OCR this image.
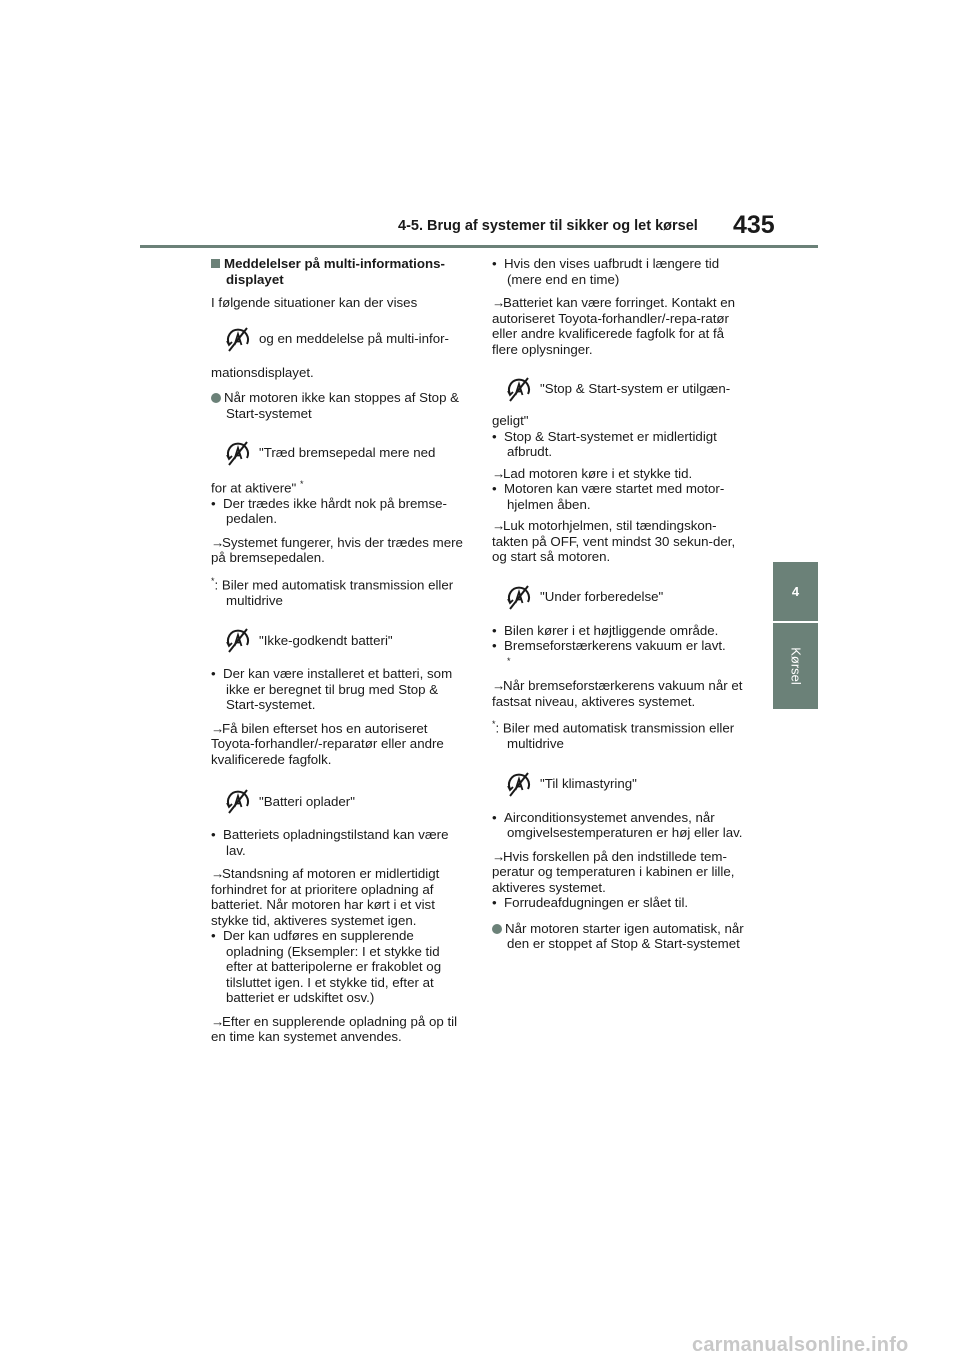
4-5. Brug af systemer til sikker og let kørsel 435
4
Kørsel

Meddelelser på multi-informations-displayet

I følgende situationer kan der vises

og en meddelelse på multi-infor-

mationsdisplayet.

Når motoren ikke kan stoppes af Stop & Start-systemet

"Træd bremsepedal mere ned

for at aktivere" *

•  Der trædes ikke hårdt nok på bremse-pedalen.

→Systemet fungerer, hvis der trædes mere på bremsepedalen.

*: Biler med automatisk transmission eller multidrive

"Ikke-godkendt batteri"

•  Der kan være installeret et batteri, som ikke er beregnet til brug med Stop & Start-systemet.

→Få bilen efterset hos en autoriseret Toyota-forhandler/-reparatør eller andre kvalificerede fagfolk.

"Batteri oplader"

•  Batteriets opladningstilstand kan være lav.

→Standsning af motoren er midlertidigt forhindret for at prioritere opladning af batteriet. Når motoren har kørt i et vist stykke tid, aktiveres systemet igen.

•  Der kan udføres en supplerende opladning (Eksempler: I et stykke tid efter at batteripolerne er frakoblet og tilsluttet igen. I et stykke tid, efter at batteriet er udskiftet osv.)

→Efter en supplerende opladning på op til en time kan systemet anvendes.

•  Hvis den vises uafbrudt i længere tid (mere end en time)

→Batteriet kan være forringet. Kontakt en autoriseret Toyota-forhandler/-repa-ratør eller andre kvalificerede fagfolk for at få flere oplysninger.

"Stop & Start-system er utilgæn-

geligt"

•  Stop & Start-systemet er midlertidigt afbrudt.

→Lad motoren køre i et stykke tid.

•  Motoren kan være startet med motor-hjelmen åben.

→Luk motorhjelmen, stil tændingskon-takten på OFF, vent mindst 30 sekun-der, og start så motoren.

"Under forberedelse"

•  Bilen kører i et højtliggende område.

•  Bremseforstærkerens vakuum er lavt.
*

→Når bremseforstærkerens vakuum når et fastsat niveau, aktiveres systemet.

*: Biler med automatisk transmission eller multidrive

"Til klimastyring"

•  Airconditionsystemet anvendes, når omgivelsestemperaturen er høj eller lav.

→Hvis forskellen på den indstillede tem-peratur og temperaturen i kabinen er lille, aktiveres systemet.

•  Forrudeafdugningen er slået til.

Når motoren starter igen automatisk, når den er stoppet af Stop & Start-systemet

carmanualsonline.info
